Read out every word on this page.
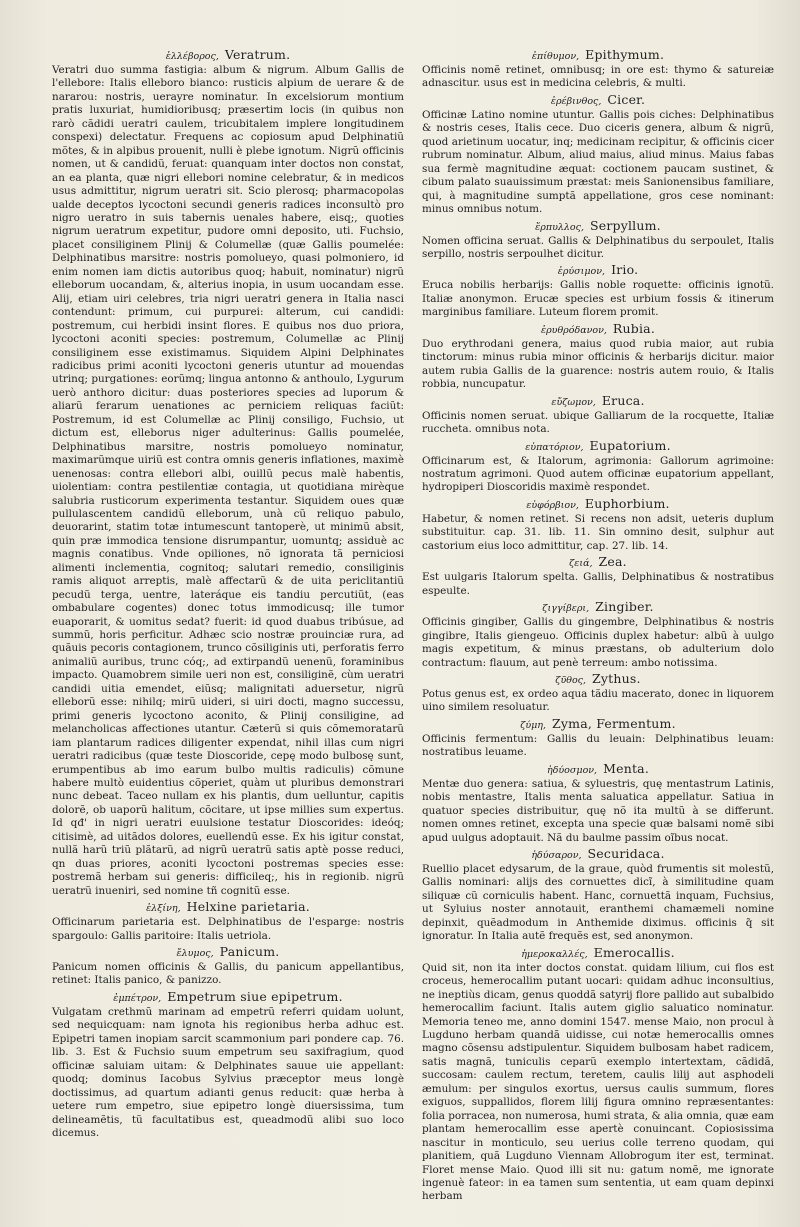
ἑλλέβορος, Veratrum.

Veratri duo summa fastigia: album & nigrum. Album Gallis de l'ellebore: Italis elleboro bianco: rusticis alpium de uerare & de nararou: nostris, uerayre nominatur. In excelsiorum montium pratis luxuriat, humidioribusq; præsertim locis (in quibus non rarò cãdidi ueratri caulem, tricubitalem implere longitudinem conspexi) delectatur. Frequens ac copiosum apud Delphinatiũ mõtes, & in alpibus prouenit, nulli è plebe ignotum. Nigrũ officinis nomen, ut & candidũ, feruat: quanquam inter doctos non constat, an ea planta, quæ nigri ellebori nomine celebratur, & in medicos usus admittitur, nigrum ueratri sit. Scio plerosq; pharmacopolas ualde deceptos lycoctoni secundi generis radices inconsultò pro nigro ueratro in suis tabernis uenales habere, eisq;, quoties nigrum ueratrum expetitur, pudore omni deposito, uti. Fuchsio, placet consiliginem Plinij & Columellæ (quæ Gallis poumelée: Delphinatibus marsitre: nostris pomolueyo, quasi polmoniero, id enim nomen iam dictis autoribus quoq; habuit, nominatur) nigrũ elleborum uocandam, &, alterius inopia, in usum uocandam esse. Alij, etiam uiri celebres, tria nigri ueratri genera in Italia nasci contendunt: primum, cui purpurei: alterum, cui candidi: postremum, cui herbidi insint flores. E quibus nos duo priora, lycoctoni aconiti species: postremum, Columellæ ac Plinij consiliginem esse existimamus. Siquidem Alpini Delphinates radicibus primi aconiti lycoctoni generis utuntur ad mouendas utrinq; purgationes: eorũmq; lingua antonno & anthoulo, Lygurum uerò anthoro dicitur: duas posteriores species ad luporum & aliarũ ferarum uenationes ac perniciem reliquas faciũt: Postremum, id est Columellæ ac Plinij consiligo, Fuchsio, ut dictum est, elleborus niger adulterinus: Gallis poumelée, Delphinatibus marsitre, nostris pomolueyo nominatur, maximarũmque uiriũ est contra omnis generis inflationes, maximè uenenosas: contra ellebori albi, ouillũ pecus malè habentis, uiolentiam: contra pestilentiæ contagia, ut quotidiana mirèque salubria rusticorum experimenta testantur. Siquidem oues quæ pullulascentem candidũ elleborum, unà cũ reliquo pabulo, deuorarint, statim totæ intumescunt tantoperè, ut minimũ absit, quin præ immodica tensione disrumpantur, uomuntq; assiduè ac magnis conatibus. Vnde opiliones, nõ ignorata tã perniciosi alimenti inclementia, cognitoq; salutari remedio, consiliginis ramis aliquot arreptis, malè affectarũ & de uita periclitantiũ pecudũ terga, uentre, lateráque eis tandiu percutiũt, (eas ombabulare cogentes) donec totus immodicusq; ille tumor euaporarit, & uomitus sedat? fuerit: id quod duabus tribúsue, ad summũ, horis perficitur. Adhæc scio nostræ prouinciæ rura, ad quãuis pecoris contagionem, trunco cõsiliginis uti, perforatis ferro animaliũ auribus, trunc cóq;, ad extirpandũ uenenũ, foraminibus impacto. Quamobrem simile ueri non est, consiliginẽ, cùm ueratri candidi uitia emendet, eiũsq; malignitati aduersetur, nigrũ elleborũ esse: nihilq; mirũ uideri, si uiri docti, magno successu, primi generis lycoctono aconito, & Plinij consiligine, ad melancholicas affectiones utantur. Cæterũ si quis cõmemoratarũ iam plantarum radices diligenter expendat, nihil illas cum nigri ueratri radicibus (quæ teste Dioscoride, cepę modo bulbosę sunt, erumpentibus ab imo earum bulbo multis radiculis) cõmune habere multò euidentius cõperiet, quàm ut pluribus demonstrari nunc debeat. Taceo nullam ex his plantis, dum uelluntur, capitis dolorẽ, ob uaporũ halitum, cõcitare, ut ipse millies sum expertus. Id qđ' in nigri ueratri euulsione testatur Dioscorides: ideóq; citisimè, ad uitãdos dolores, euellendũ esse. Ex his igitur constat, nullã harũ triũ plãtarũ, ad nigrũ ueratrũ satis aptè posse reduci, qn duas priores, aconiti lycoctoni postremas species esse: postremã herbam sui generis: difficileq;, his in regionib. nigrũ ueratrũ inueniri, sed nomine tñ cognitũ esse.

ἑλξίνη, Helxine parietaria.

Officinarum parietaria est. Delphinatibus de l'esparge: nostris spargoulo: Gallis paritoire: Italis uetriola.

ἔλυμος, Panicum.

Panicum nomen officinis & Gallis, du panicum appellantibus, retinet: Italis panico, & panizzo.

ἐμπέτρον, Empetrum siue epipetrum.

Vulgatam crethmũ marinam ad empetrũ referri quidam uolunt, sed nequicquam: nam ignota his regionibus herba adhuc est. Epipetri tamen inopiam sarcit scammonium pari pondere cap. 76. lib. 3. Est & Fuchsio suum empetrum seu saxifragium, quod officinæ saluiam uitam: & Delphinates sauue uie appellant: quodq; dominus Iacobus Sylvius præceptor meus longè doctissimus, ad quartum adianti genus reducit: quæ herba à uetere rum empetro, siue epipetro longè diuersissima, tum delineamẽtis, tũ facultatibus est, queadmodũ alibi suo loco dicemus.

ἐπίθυμον, Epithymum.

Officinis nomẽ retinet, omnibusq; in ore est: thymo & satureiæ adnascitur. usus est in medicina celebris, & multi.

ἐρέβινθος, Cicer.

Officinæ Latino nomine utuntur. Gallis pois ciches: Delphinatibus & nostris ceses, Italis cece. Duo ciceris genera, album & nigrũ, quod arietinum uocatur, inq; medicinam recipitur, & officinis cicer rubrum nominatur. Album, aliud maius, aliud minus. Maius fabas sua fermè magnitudine æquat: coctionem paucam sustinet, & cibum palato suauissimum præstat: meis Sanionensibus familiare, qui, à magnitudine sumptã appellatione, gros cese nominant: minus omnibus notum.

ἕρπυλλος, Serpyllum.

Nomen officina seruat. Gallis & Delphinatibus du serpoulet, Italis serpillo, nostris serpoulhet dicitur.

ἐρύσιμον, Irio.

Eruca nobilis herbarijs: Gallis noble roquette: officinis ignotũ. Italiæ anonymon. Erucæ species est urbium fossis & itinerum marginibus familiare. Luteum florem promit.

ἐρυθρόδανον, Rubia.

Duo erythrodani genera, maius quod rubia maior, aut rubia tinctorum: minus rubia minor officinis & herbarijs dicitur. maior autem rubia Gallis de la guarence: nostris autem rouio, & Italis robbia, nuncupatur.

εὔζωμον, Eruca.

Officinis nomen seruat. ubique Galliarum de la rocquette, Italiæ ruccheta. omnibus nota.

εὐπατόριον, Eupatorium.

Officinarum est, & Italorum, agrimonia: Gallorum agrimoine: nostratum agrimoni. Quod autem officinæ eupatorium appellant, hydropiperi Dioscoridis maximè respondet.

εὐφόρβιον, Euphorbium.

Habetur, & nomen retinet. Si recens non adsit, ueteris duplum substituitur. cap. 31. lib. 11. Sin omnino desit, sulphur aut castorium eius loco admittitur, cap. 27. lib. 14.

ζειά, Zea.

Est uulgaris Italorum spelta. Gallis, Delphinatibus & nostratibus espeulte.

ζιγγίβερι, Zingiber.

Officinis gingiber, Gallis du gingembre, Delphinatibus & nostris gingibre, Italis giengeuo. Officinis duplex habetur: albũ à uulgo magis expetitum, & minus præstans, ob adulterium dolo contractum: flauum, aut penè terreum: ambo notissima.

ζῦθος, Zythus.

Potus genus est, ex ordeo aqua tãdiu macerato, donec in liquorem uino similem resoluatur.

ζύμη, Zyma, Fermentum.

Officinis fermentum: Gallis du leuain: Delphinatibus leuam: nostratibus leuame.

ἡδύοσμον, Menta.

Mentæ duo genera: satiua, & syluestris, quę mentastrum Latinis, nobis mentastre, Italis menta saluatica appellatur. Satiua in quatuor species distribuitur, quę nõ ita multũ à se differunt. nomen omnes retinet, excepta una specie quæ balsami nomẽ sibi apud uulgus adoptauit. Nã du baulme passim oĩbus nocat.

ἡδύσαρον, Securidaca.

Ruellio placet edysarum, de la graue, quòd frumentis sit molestũ, Gallis nominari: alijs des cornuettes dicĩ, à similitudine quam siliquæ cũ corniculis habent. Hanc, cornuettã inquam, Fuchsius, ut Syluius noster annotauit, eranthemi chamæmeli nomine depinxit, quẽadmodum in Anthemide diximus. officinis q̃ sit ignoratur. In Italia autẽ frequẽs est, sed anonymon.

ἡμεροκαλλές, Emerocallis.

Quid sit, non ita inter doctos constat. quidam lilium, cui flos est croceus, hemerocallim putant uocari: quidam adhuc inconsultius, ne ineptiùs dicam, genus quoddã satyrij flore pallido aut subalbido hemerocallim faciunt. Italis autem giglio saluatico nominatur. Memoria teneo me, anno domini 1547. mense Maio, non procul à Lugduno herbam quandã uidisse, cui notæ hemerocallis omnes magno cõsensu adstipulentur. Siquidem bulbosam habet radicem, satis magnã, tuniculis ceparũ exemplo intertextam, cãdidã, succosam: caulem rectum, teretem, caulis lilij aut asphodeli æmulum: per singulos exortus, uersus caulis summum, flores exiguos, suppallidos, florem lilij figura omnino repræsentantes: folia porracea, non numerosa, humi strata, & alia omnia, quæ eam plantam hemerocallim esse apertè conuincant. Copiosissima nascitur in monticulo, seu uerius colle terreno quodam, qui planitiem, quã Lugduno Viennam Allobrogum iter est, terminat. Floret mense Maio. Quod illi sit nu: gatum nomẽ, me ignorate ingenuè fateor: in ea tamen sum sententia, ut eam quam depinxi herbam
